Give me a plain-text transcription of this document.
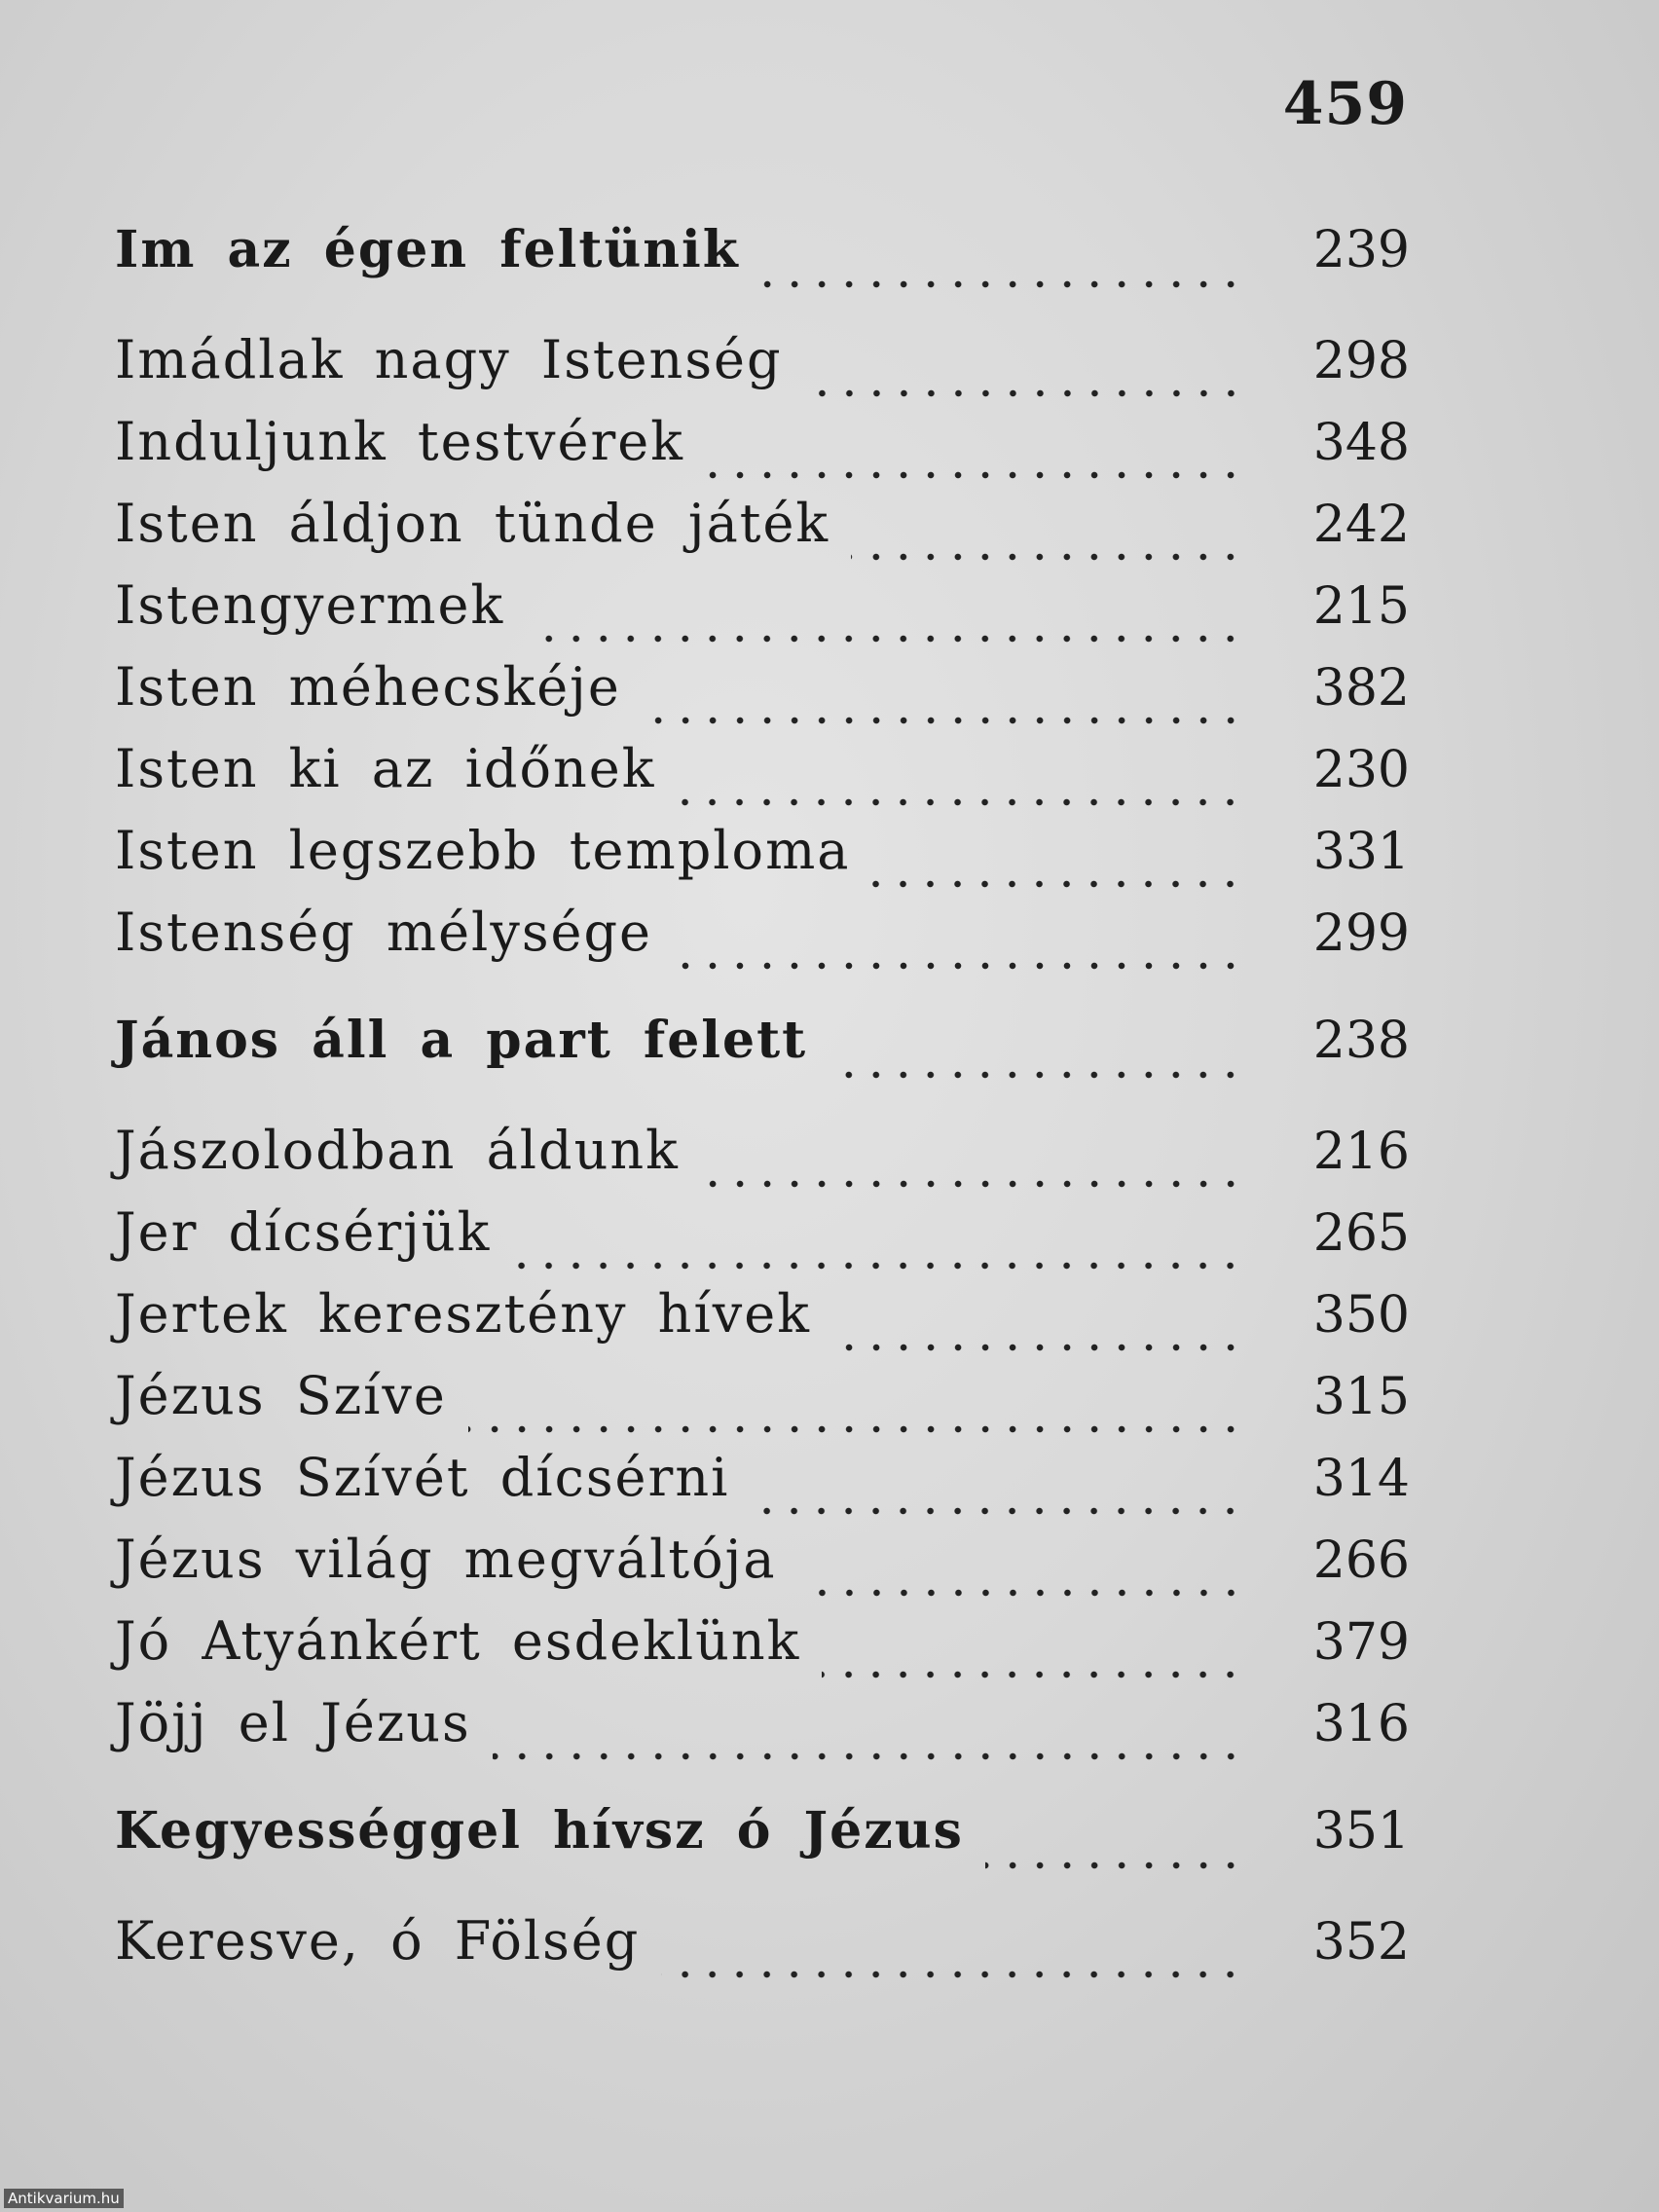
459
Im az égen feltünik	239
Imádlak nagy Istenség	298
Induljunk testvérek	348
Isten áldjon tünde játék	242
Istengyermek	215
Isten méhecskéje	382
Isten ki az időnek	230
Isten legszebb temploma	331
Istenség mélysége	299
János áll a part felett	238
Jászolodban áldunk	216
Jer dícsérjük	265
Jertek keresztény hívek	350
Jézus Szíve	315
Jézus Szívét dícsérni	314
Jézus világ megváltója	266
Jó Atyánkért esdeklünk	379
Jöjj el Jézus	316
Kegyességgel hívsz ó Jézus	351
Keresve, ó Fölség	352
Antikvarium.hu
